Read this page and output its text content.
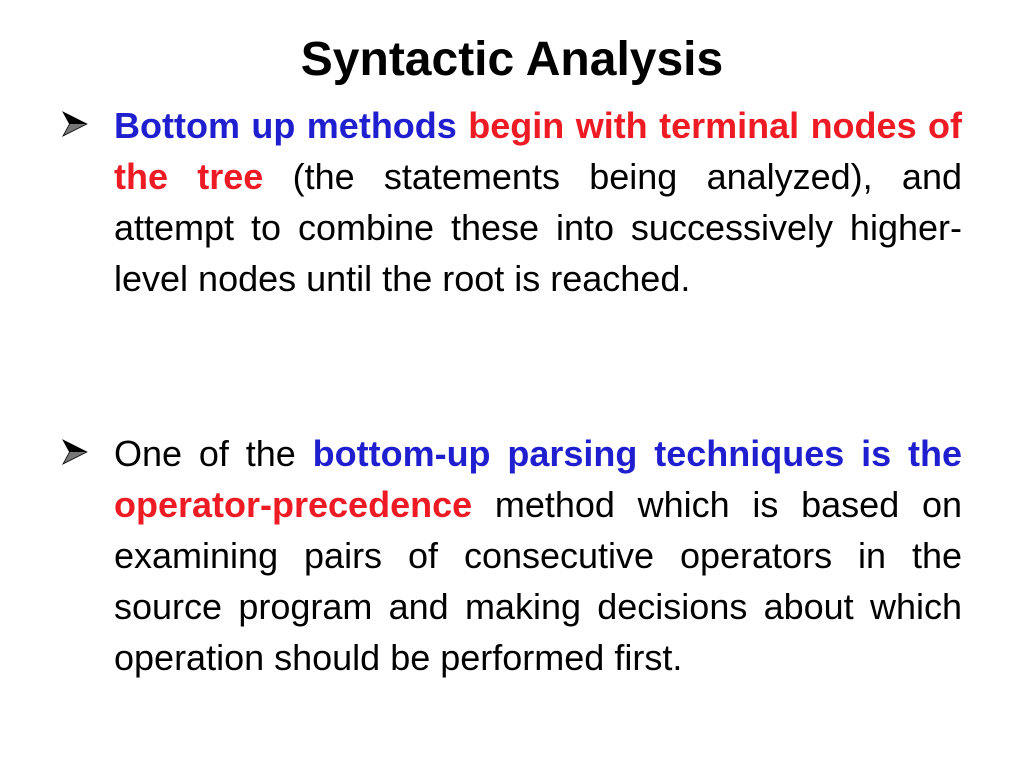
Syntactic Analysis

Bottom up methods begin with terminal nodes of the tree (the statements being analyzed), and attempt to combine these into successively higher- level nodes until the root is reached.

One of the bottom-up parsing techniques is the operator-precedence method which is based on examining pairs of consecutive operators in the source program and making decisions about which operation should be performed first.
